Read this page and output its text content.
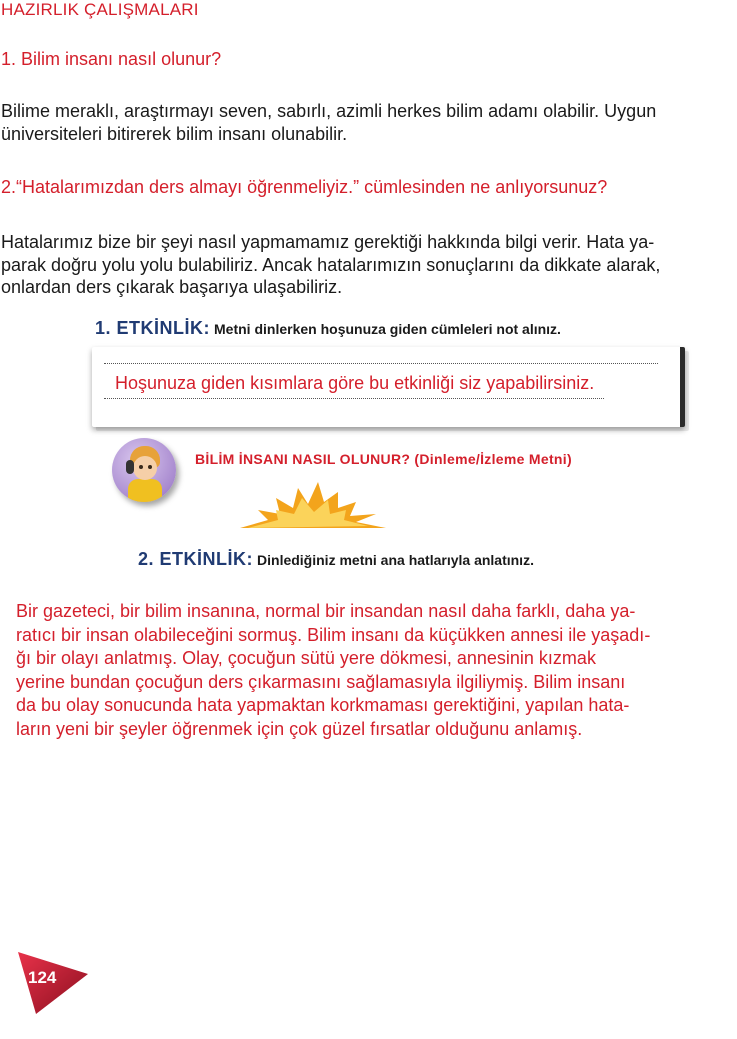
HAZIRLIK ÇALIŞMALARI
1. Bilim insanı nasıl olunur?
Bilime meraklı, araştırmayı seven, sabırlı, azimli herkes bilim adamı olabilir. Uygun
üniversiteleri bitirerek bilim insanı olunabilir.
2.“Hatalarımızdan ders almayı öğrenmeliyiz.” cümlesinden ne anlıyorsunuz?
Hatalarımız bize bir şeyi nasıl yapmamamız gerektiği hakkında bilgi verir. Hata ya-
parak doğru yolu yolu bulabiliriz. Ancak hatalarımızın sonuçlarını da dikkate alarak,
onlardan ders çıkarak başarıya ulaşabiliriz.
1. ETKİNLİK: Metni dinlerken hoşunuza giden cümleleri not alınız.
Hoşunuza giden kısımlara göre bu etkinliği siz yapabilirsiniz.
BİLİM İNSANI NASIL OLUNUR? (Dinleme/İzleme Metni)
2. ETKİNLİK: Dinlediğiniz metni ana hatlarıyla anlatınız.
Bir gazeteci, bir bilim insanına, normal bir insandan nasıl daha farklı, daha ya-
ratıcı bir insan olabileceğini sormuş. Bilim insanı da küçükken annesi ile yaşadı-
ğı bir olayı anlatmış. Olay, çocuğun sütü yere dökmesi, annesinin kızmak
yerine bundan çocuğun ders çıkarmasını sağlamasıyla ilgiliymiş. Bilim insanı
da bu olay sonucunda hata yapmaktan korkmaması gerektiğini, yapılan hata-
ların yeni bir şeyler öğrenmek için çok güzel fırsatlar olduğunu anlamış.
124
